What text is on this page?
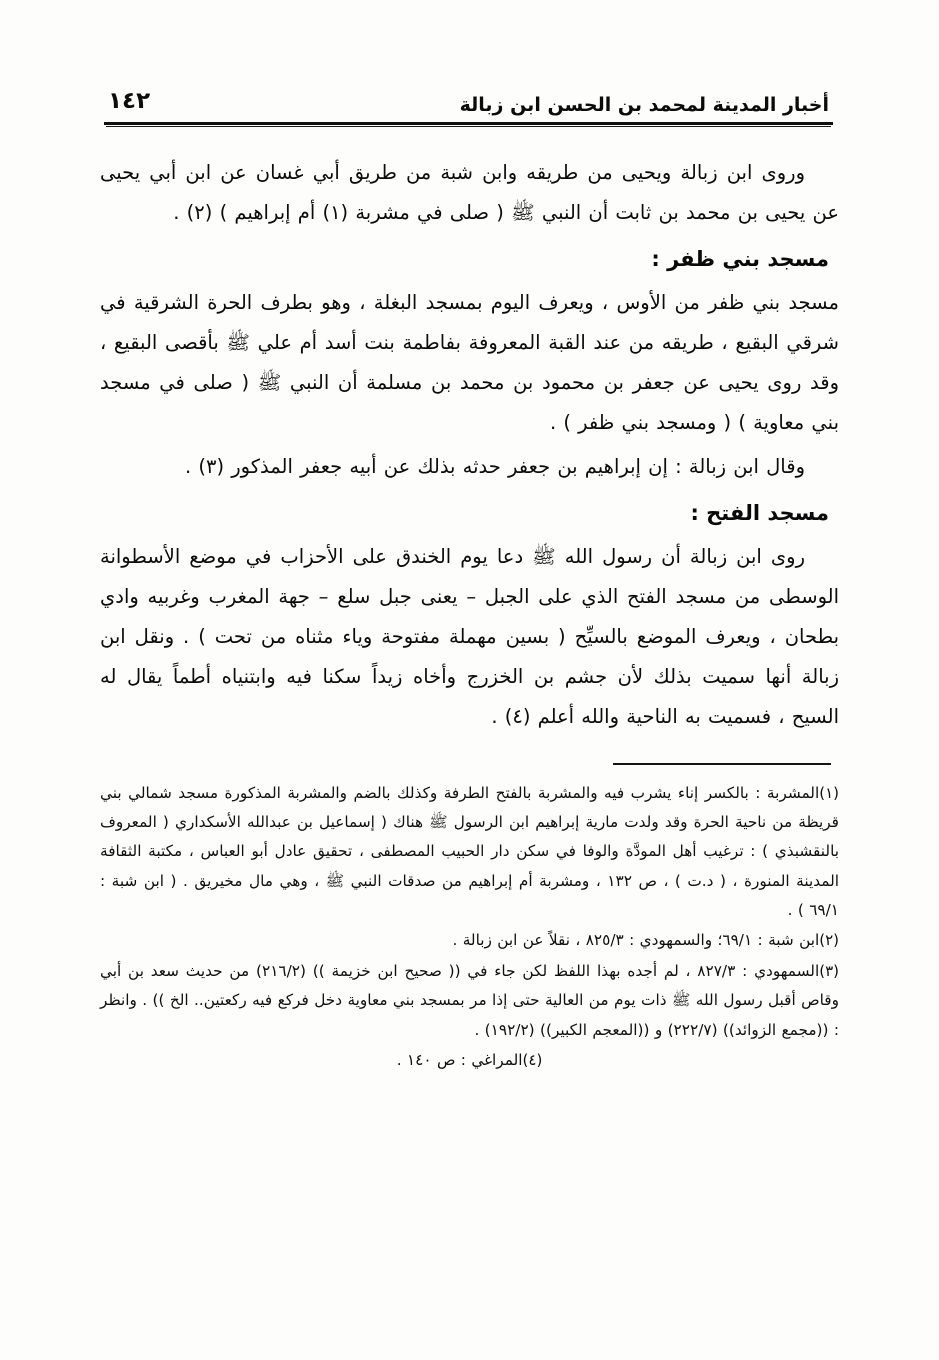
١٤٢	أخبار المدينة لمحمد بن الحسن ابن زبالة

وروى ابن زبالة ويحيى من طريقه وابن شبة من طريق أبي غسان عن ابن أبي يحيى عن يحيى بن محمد بن ثابت أن النبي ﷺ ( صلى في مشربة (١) أم إبراهيم ) (٢) .

مسجد بني ظفر :

مسجد بني ظفر من الأوس ، ويعرف اليوم بمسجد البغلة ، وهو بطرف الحرة الشرقية في شرقي البقيع ، طريقه من عند القبة المعروفة بفاطمة بنت أسد أم علي ﷺ بأقصى البقيع ، وقد روى يحيى عن جعفر بن محمود بن محمد بن مسلمة أن النبي ﷺ ( صلى في مسجد بني معاوية ) ( ومسجد بني ظفر ) .

وقال ابن زبالة : إن إبراهيم بن جعفر حدثه بذلك عن أبيه جعفر المذكور (٣) .

مسجد الفتح :

روى ابن زبالة أن رسول الله ﷺ دعا يوم الخندق على الأحزاب في موضع الأسطوانة الوسطى من مسجد الفتح الذي على الجبل – يعنى جبل سلع – جهة المغرب وغربيه وادي بطحان ، ويعرف الموضع بالسيِّح ( بسين مهملة مفتوحة وياء مثناه من تحت ) . ونقل ابن زبالة أنها سميت بذلك لأن جشم بن الخزرج وأخاه زيداً سكنا فيه وابتنياه أطماً يقال له السيح ، فسميت به الناحية والله أعلم (٤) .

(١)المشربة : بالكسر إناء يشرب فيه والمشربة بالفتح الطرفة وكذلك بالضم والمشربة المذكورة مسجد شمالي بني قريظة من ناحية الحرة وقد ولدت مارية إبراهيم ابن الرسول ﷺ هناك ( إسماعيل بن عبدالله الأسكداري ( المعروف بالنقشبذي ) : ترغيب أهل المودَّة والوفا في سكن دار الحبيب المصطفى ، تحقيق عادل أبو العباس ، مكتبة الثقافة المدينة المنورة ، ( د.ت ) ، ص ١٣٢ ، ومشربة أم إبراهيم من صدقات النبي ﷺ ، وهي مال مخيريق . ( ابن شبة : ٦٩/١ ) .

(٢)ابن شبة : ٦٩/١؛ والسمهودي : ٨٢٥/٣ ، نقلاً عن ابن زبالة .

(٣)السمهودي : ٨٢٧/٣ ، لم أجده بهذا اللفظ لكن جاء في (( صحيح ابن خزيمة )) (٢١٦/٢) من حديث سعد بن أبي وقاص أقبل رسول الله ﷺ ذات يوم من العالية حتى إذا مر بمسجد بني معاوية دخل فركع فيه ركعتين.. الخ )) . وانظر : ((مجمع الزوائد)) (٢٢٢/٧) و ((المعجم الكبير)) (١٩٢/٢) .

(٤)المراغي : ص ١٤٠ .
